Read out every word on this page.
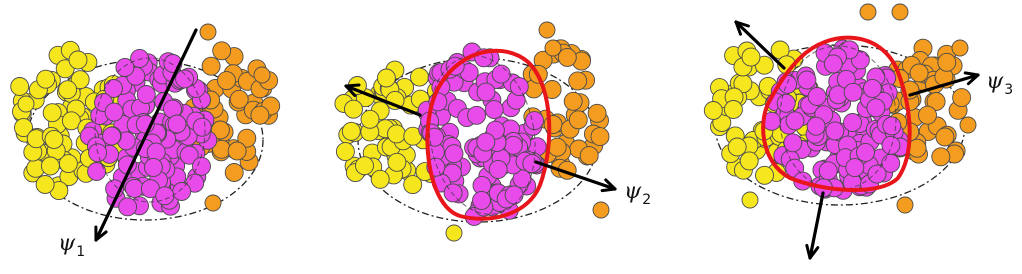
$\psi_1$
$\psi_2$
$\psi_3$
